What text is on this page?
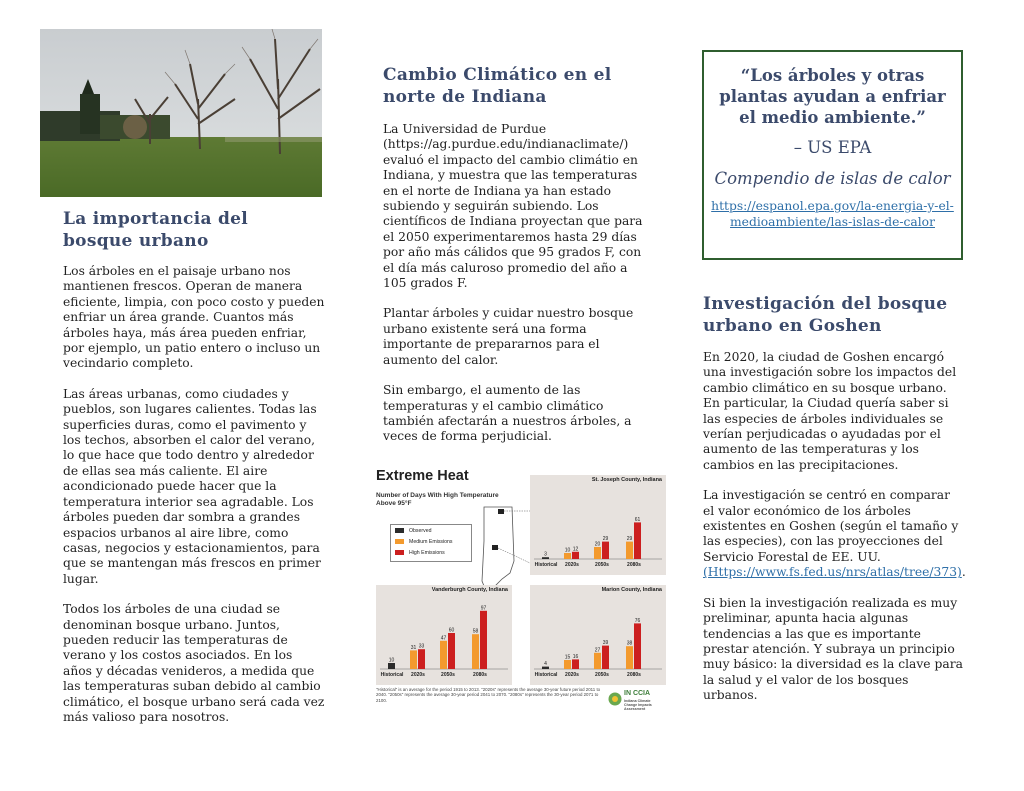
La importancia del bosque urbano

Los árboles en el paisaje urbano nos mantienen frescos. Operan de manera eficiente, limpia, con poco costo y pueden enfriar un área grande. Cuantos más árboles haya, más área pueden enfriar, por ejemplo, un patio entero o incluso un vecindario completo.

Las áreas urbanas, como ciudades y pueblos, son lugares calientes. Todas las superficies duras, como el pavimento y los techos, absorben el calor del verano, lo que hace que todo dentro y alrededor de ellas sea más caliente. El aire acondicionado puede hacer que la temperatura interior sea agradable. Los árboles pueden dar sombra a grandes espacios urbanos al aire libre, como casas, negocios y estacionamientos, para que se mantengan más frescos en primer lugar.

Todos los árboles de una ciudad se denominan bosque urbano. Juntos, pueden reducir las temperaturas de verano y los costos asociados. En los años y décadas venideros, a medida que las temperaturas suban debido al cambio climático, el bosque urbano será cada vez más valioso para nosotros.

Cambio Climático en el norte de Indiana

La Universidad de Purdue (https://ag.purdue.edu/indianaclimate/) evaluó el impacto del cambio climátio en Indiana, y muestra que las temperaturas en el norte de Indiana ya han estado subiendo y seguirán subiendo. Los científicos de Indiana proyectan que para el 2050 experimentaremos hasta 29 días por año más cálidos que 95 grados F, con el día más caluroso promedio del año a 105 grados F.

Plantar árboles y cuidar nuestro bosque urbano existente será una forma importante de prepararnos para el aumento del calor.

Sin embargo, el aumento de las temperaturas y el cambio climático también afectarán a nuestros árboles, a veces de forma perjudicial.

Extreme Heat
Number of Days With High Temperature Above 95°F
Observed
Medium Emissions
High Emissions
St. Joseph County, Indiana
3
Historical
10 12
2020s
20
29
2050s
29
61
2080s
Vanderburgh County, Indiana
10
Historical
31 33
2020s
47
60
2050s
58
97
2080s
Marion County, Indiana
4
Historical
15 16
2020s
27
39
2050s
38
76
2080s
"Historical" is an average for the period 1915 to 2013. "2020s" represents the average 30-year future period 2011 to 2040. "2050s" represents the average 30-year period 2041 to 2070. "2080s" represents the 30-year period 2071 to 2100.
IN CCIA
Indiana Climate Change Impacts Assessment
“Los árboles y otras plantas ayudan a enfriar el medio ambiente.”
– US EPA
Compendio de islas de calor
https://espanol.epa.gov/la-energia-y-el-medioambiente/las-islas-de-calor
Investigación del bosque urbano en Goshen

En 2020, la ciudad de Goshen encargó una investigación sobre los impactos del cambio climático en su bosque urbano. En particular, la Ciudad quería saber si las especies de árboles individuales se verían perjudicadas o ayudadas por el aumento de las temperaturas y los cambios en las precipitaciones.

La investigación se centró en comparar el valor económico de los árboles existentes en Goshen (según el tamaño y las especies), con las proyecciones del Servicio Forestal de EE. UU. (Https://www.fs.fed.us/nrs/atlas/tree/373).

Si bien la investigación realizada es muy preliminar, apunta hacia algunas tendencias a las que es importante prestar atención. Y subraya un principio muy básico: la diversidad es la clave para la salud y el valor de los bosques urbanos.
